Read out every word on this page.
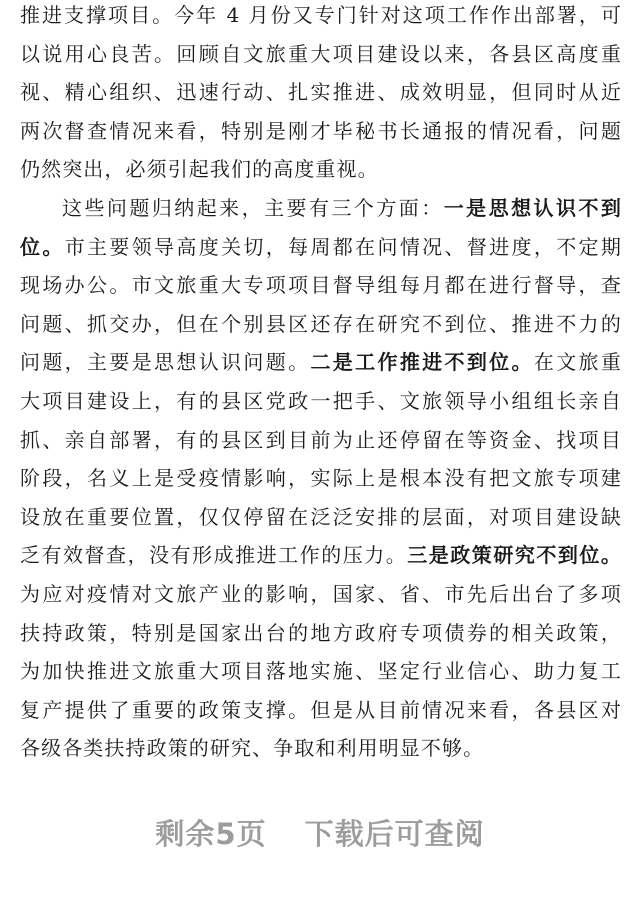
推进支撑项目。今年 4 月份又专门针对这项工作作出部署，可
以说用心良苦。回顾自文旅重大项目建设以来，各县区高度重
视、精心组织、迅速行动、扎实推进、成效明显，但同时从近
两次督查情况来看，特别是刚才毕秘书长通报的情况看，问题
仍然突出，必须引起我们的高度重视。
这些问题归纳起来，主要有三个方面：一是思想认识不到
位。市主要领导高度关切，每周都在问情况、督进度，不定期
现场办公。市文旅重大专项项目督导组每月都在进行督导，查
问题、抓交办，但在个别县区还存在研究不到位、推进不力的
问题，主要是思想认识问题。二是工作推进不到位。在文旅重
大项目建设上，有的县区党政一把手、文旅领导小组组长亲自
抓、亲自部署，有的县区到目前为止还停留在等资金、找项目
阶段，名义上是受疫情影响，实际上是根本没有把文旅专项建
设放在重要位置，仅仅停留在泛泛安排的层面，对项目建设缺
乏有效督查，没有形成推进工作的压力。三是政策研究不到位。
为应对疫情对文旅产业的影响，国家、省、市先后出台了多项
扶持政策，特别是国家出台的地方政府专项债券的相关政策，
为加快推进文旅重大项目落地实施、坚定行业信心、助力复工
复产提供了重要的政策支撑。但是从目前情况来看，各县区对
各级各类扶持政策的研究、争取和利用明显不够。
剩余5页 下载后可查阅
